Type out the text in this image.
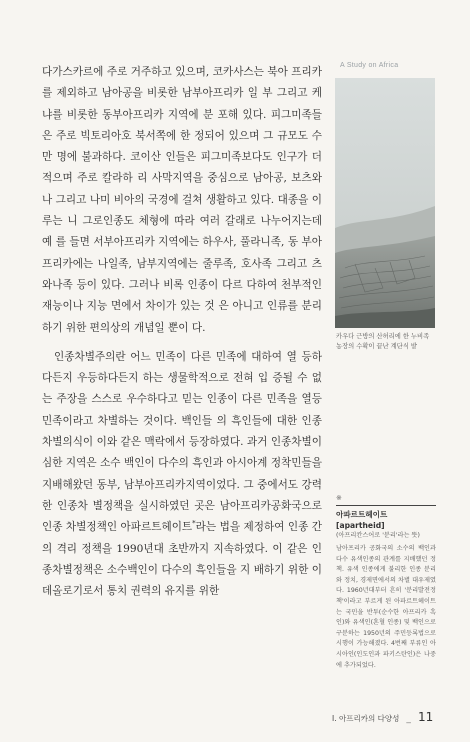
A Study on Africa

다가스카르에 주로 거주하고 있으며, 코카사스는 북아 프리카를 제외하고 남아공을 비롯한 남부아프리카 일 부 그리고 케냐를 비롯한 동부아프리카 지역에 분 포해 있다. 피그미족들은 주로 빅토리아호 북서쪽에 한 정되어 있으며 그 규모도 수만 명에 불과하다. 코이산 인들은 피그미족보다도 인구가 더 적으며 주로 칼라하 리 사막지역을 중심으로 남아공, 보츠와나 그리고 나미 비아의 국경에 걸쳐 생활하고 있다. 대종을 이루는 니 그로인종도 체형에 따라 여러 갈래로 나누어지는데 예 를 들면 서부아프리카 지역에는 하우사, 풀라니족, 동 부아프리카에는 나일족, 남부지역에는 줄루족, 호사족 그리고 츠와나족 등이 있다. 그러나 비록 인종이 다르 다하여 천부적인 재능이나 지능 면에서 차이가 있는 것 은 아니고 인류를 분리하기 위한 편의상의 개념일 뿐이 다.

인종차별주의란 어느 민족이 다른 민족에 대하여 열 등하다든지 우등하다든지 하는 생물학적으로 전혀 입 증될 수 없는 주장을 스스로 우수하다고 믿는 인종이 다른 민족을 열등 민족이라고 차별하는 것이다. 백인들 의 흑인들에 대한 인종차별의식이 이와 같은 맥락에서 등장하였다. 과거 인종차별이 심한 지역은 소수 백인이 다수의 흑인과 아시아계 정착민들을 지배해왔던 동부, 남부아프리카지역이었다. 그 중에서도 강력한 인종차 별정책을 실시하였던 곳은 남아프리카공화국으로 인종 차별정책인 아파르트헤이트*라는 법을 제정하여 인종 간의 격리 정책을 1990년대 초반까지 지속하였다. 이 같은 인종차별정책은 소수백인이 다수의 흑인들을 지 배하기 위한 이데올로기로서 통치 권력의 유지를 위한

카우다 근방의 산허리에 한 누비족 농장의 수확이 끝난 계단식 밭
※
아파르트헤이트 [apartheid]
(아프리칸스어로 '분리'라는 뜻)
남아프리카 공화국의 소수의 백인과 다수 유색인종의 관계를 지배했던 정책. 유색 인종에게 불리한 인종 분리와 정치, 경제면에서의 차별 대우제였다. 1960년대부터 흔히 '분리발전정책'이라고 부르게 된 아파르트헤이트는 국민을 반투(순수한 아프리카 흑인)와 유색인(혼혈 인종) 및 백인으로 구분하는 1950년의 주민등록법으로 시행이 가능해졌다. 4번째 부류인 아시아인(인도인과 파키스탄인)은 나중에 추가되었다.
I. 아프리카의 다양성 _ 11
